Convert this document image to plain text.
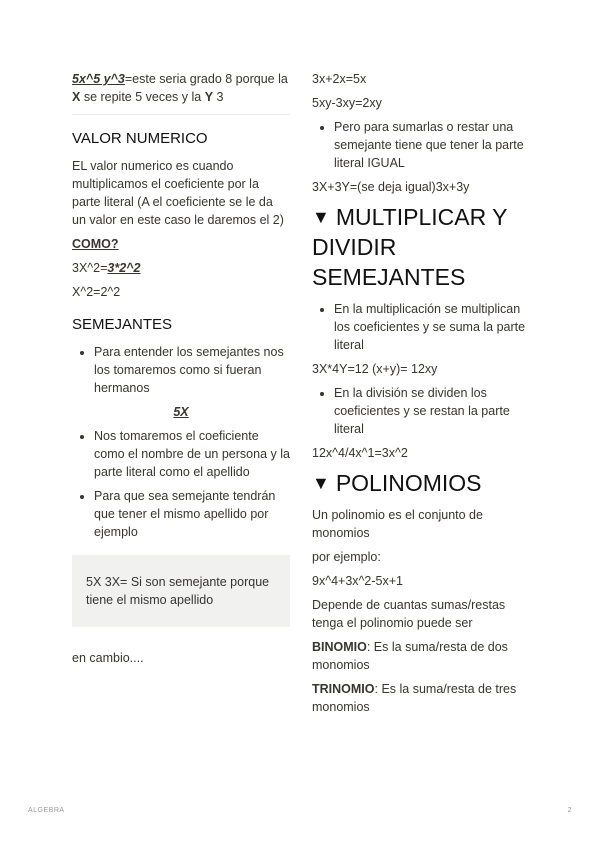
5x^5 y^3=este seria grado 8 porque la X se repite 5 veces y la Y 3

VALOR NUMERICO

EL valor numerico es cuando multiplicamos el coeficiente por la parte literal (A el coeficiente se le da un valor en este caso le daremos el 2)

COMO?

3X^2=3*2^2

X^2=2^2

SEMEJANTES
• Para entender los semejantes nos los tomaremos como si fueran hermanos

5X

• Nos tomaremos el coeficiente como el nombre de un persona y la parte literal como el apellido
• Para que sea semejante tendrán que tener el mismo apellido por ejemplo
5X 3X= Si son semejante porque tiene el mismo apellido

en cambio....

3x+2x=5x

5xy-3xy=2xy

• Pero para sumarlas o restar una semejante tiene que tener la parte literal IGUAL

3X+3Y=(se deja igual)3x+3y

▼ MULTIPLICAR Y DIVIDIR SEMEJANTES
• En la multiplicación se multiplican los coeficientes y se suma la parte literal

3X*4Y=12 (x+y)= 12xy

• En la división se dividen los coeficientes y se restan la parte literal

12x^4/4x^1=3x^2

▼ POLINOMIOS

Un polinomio es el conjunto de monomios

por ejemplo:

9x^4+3x^2-5x+1

Depende de cuantas sumas/restas tenga el polinomio puede ser

BINOMIO: Es la suma/resta de dos monomios

TRINOMIO: Es la suma/resta de tres monomios

ALGEBRA	2
